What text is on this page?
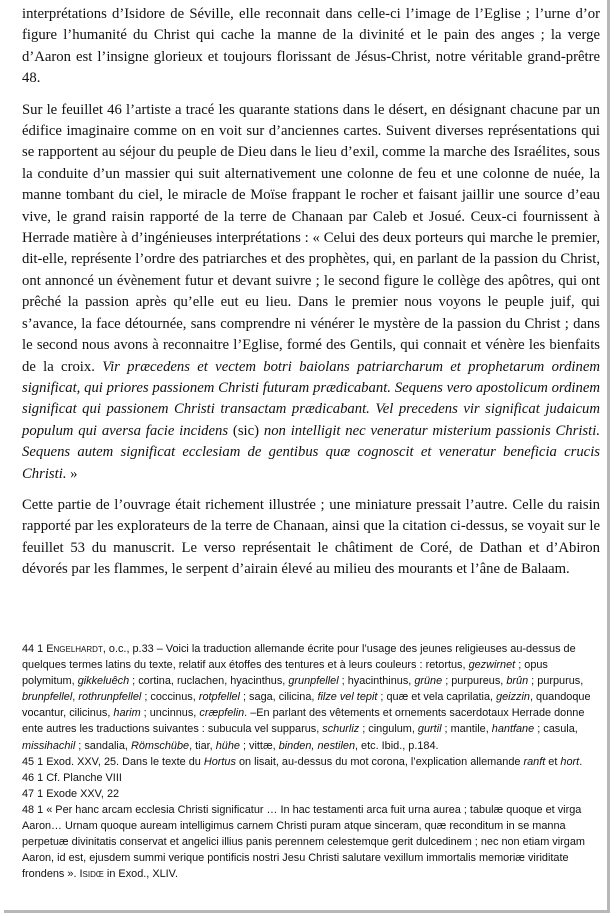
interprétations d’Isidore de Séville, elle reconnait dans celle-ci l’image de l’Eglise ; l’urne d’or figure l’humanité du Christ qui cache la manne de la divinité et le pain des anges ; la verge d’Aaron est l’insigne glorieux et toujours florissant de Jésus-Christ, notre véritable grand-prêtre 48.

Sur le feuillet 46 l’artiste a tracé les quarante stations dans le désert, en désignant chacune par un édifice imaginaire comme on en voit sur d’anciennes cartes. Suivent diverses représentations qui se rapportent au séjour du peuple de Dieu dans le lieu d’exil, comme la marche des Israélites, sous la conduite d’un massier qui suit alternativement une colonne de feu et une colonne de nuée, la manne tombant du ciel, le miracle de Moïse frappant le rocher et faisant jaillir une source d’eau vive, le grand raisin rapporté de la terre de Chanaan par Caleb et Josué. Ceux-ci fournissent à Herrade matière à d’ingénieuses interprétations : « Celui des deux porteurs qui marche le premier, dit-elle, représente l’ordre des patriarches et des prophètes, qui, en parlant de la passion du Christ, ont annoncé un évènement futur et devant suivre ; le second figure le collège des apôtres, qui ont prêché la passion après qu’elle eut eu lieu. Dans le premier nous voyons le peuple juif, qui s’avance, la face détournée, sans comprendre ni vénérer le mystère de la passion du Christ ; dans le second nous avons à reconnaitre l’Eglise, formé des Gentils, qui connait et vénère les bienfaits de la croix. Vir præcedens et vectem botri baiolans patriarcharum et prophetarum ordinem significat, qui priores passionem Christi futuram prædicabant. Sequens vero apostolicum ordinem significat qui passionem Christi transactam prædicabant. Vel precedens vir significat judaicum populum qui aversa facie incidens (sic) non intelligit nec veneratur misterium passionis Christi. Sequens autem significat ecclesiam de gentibus quæ cognoscit et veneratur beneficia crucis Christi. »

Cette partie de l’ouvrage était richement illustrée ; une miniature pressait l’autre. Celle du raisin rapporté par les explorateurs de la terre de Chanaan, ainsi que la citation ci-dessus, se voyait sur le feuillet 53 du manuscrit. Le verso représentait le châtiment de Coré, de Dathan et d’Abiron dévorés par les flammes, le serpent d’airain élevé au milieu des mourants et l’âne de Balaam.

44 1 Engelhardt, o.c., p.33 – Voici la traduction allemande écrite pour l’usage des jeunes religieuses au-dessus de quelques termes latins du texte, relatif aux étoffes des tentures et à leurs couleurs : retortus, gezwirnet ; opus polymitum, gikkeluêch ; cortina, ruclachen, hyacinthus, grunpfellel ; hyacinthinus, grüne ; purpureus, brûn ; purpurus, brunpfellel, rothrunpfellel ; coccinus, rotpfellel ; saga, cilicina, filze vel tepit ; quæ et vela caprilatia, geizzin, quandoque vocantur, cilicinus, harim ; uncinnus, cræpfelin. –En parlant des vêtements et ornements sacerdotaux Herrade donne ente autres les traductions suivantes : subucula vel supparus, schurliz ; cingulum, gurtil ; mantile, hantfane ; casula, missihachil ; sandalia, Römschübe, tiar, hühe ; vittæ, binden, nestilen, etc. Ibid., p.184.

45 1 Exod. XXV, 25. Dans le texte du Hortus on lisait, au-dessus du mot corona, l’explication allemande ranft et hort.

46 1 Cf. Planche VIII

47 1 Exode XXV, 22

48 1 « Per hanc arcam ecclesia Christi significatur … In hac testamenti arca fuit urna aurea ; tabulæ quoque et virga Aaron… Urnam quoque auream intelligimus carnem Christi puram atque sinceram, quæ reconditum in se manna perpetuæ divinitatis conservat et angelici illius panis perennem celestemque gerit dulcedinem ; nec non etiam virgam Aaron, id est, ejusdem summi verique pontificis nostri Jesu Christi salutare vexillum immortalis memoriæ viriditate frondens ». Isidœ in Exod., XLIV.
